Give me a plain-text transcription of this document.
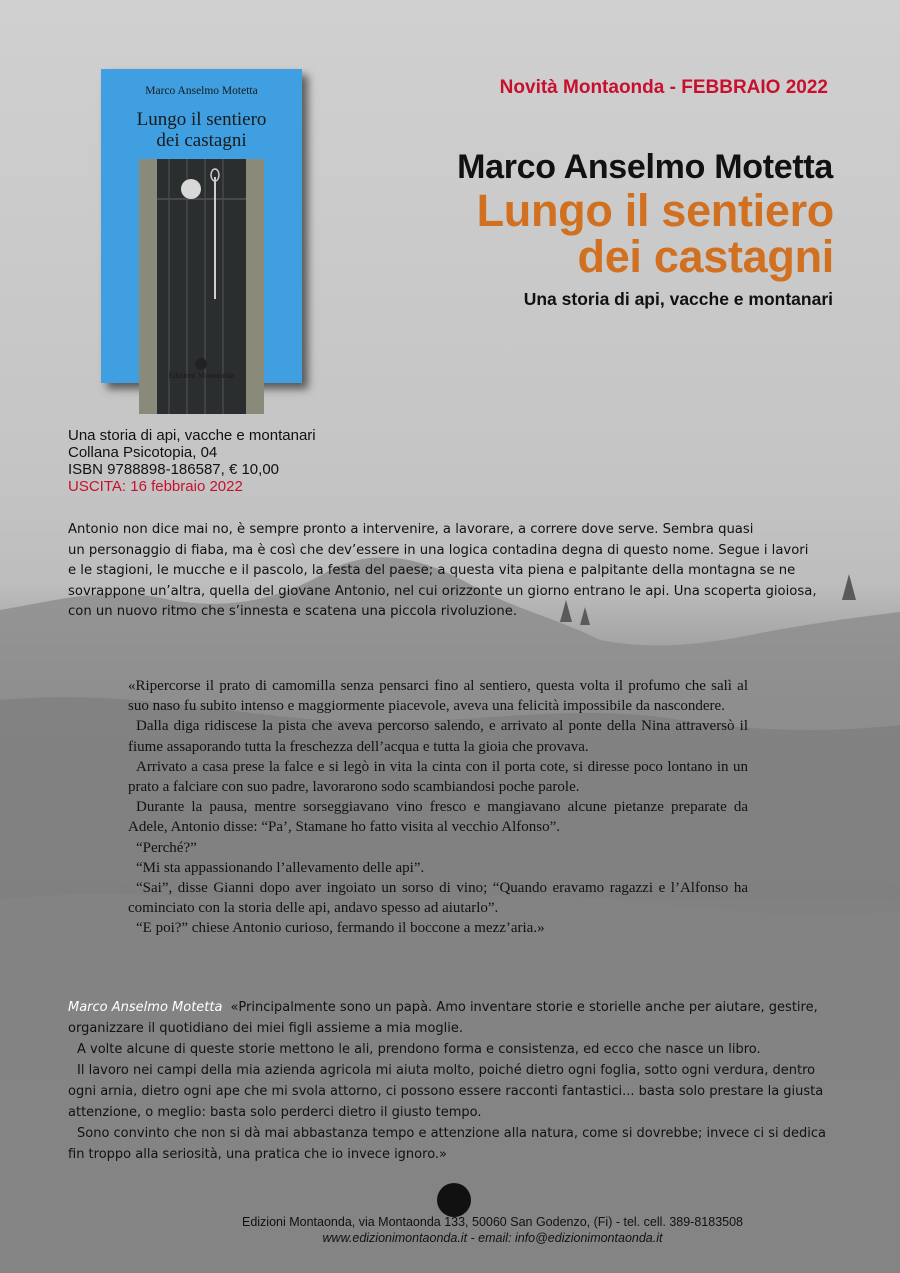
Marco Anselmo Motetta
Lungo il sentiero
dei castagni
Edizioni Montaonda
Novità Montaonda - FEBBRAIO 2022
Marco Anselmo Motetta
Lungo il sentiero
dei castagni
Una storia di api, vacche e montanari
Una storia di api, vacche e montanari
Collana Psicotopia, 04
ISBN 9788898-186587, € 10,00
USCITA: 16 febbraio 2022
Antonio non dice mai no, è sempre pronto a intervenire, a lavorare, a correre dove serve. Sembra quasi
un personaggio di fiaba, ma è così che dev’essere in una logica contadina degna di questo nome. Segue i lavori
e le stagioni, le mucche e il pascolo, la festa del paese; a questa vita piena e palpitante della montagna se ne
sovrappone un’altra, quella del giovane Antonio, nel cui orizzonte un giorno entrano le api. Una scoperta gioiosa,
con un nuovo ritmo che s’innesta e scatena una piccola rivoluzione.

«Ripercorse il prato di camomilla senza pensarci fino al sentiero, questa volta il profumo che salì al suo naso fu subito intenso e maggiormente piacevole, aveva una felicità impossibile da nascondere.

Dalla diga ridiscese la pista che aveva percorso salendo, e arrivato al ponte della Nina attraversò il fiume assaporando tutta la freschezza dell’acqua e tutta la gioia che provava.

Arrivato a casa prese la falce e si legò in vita la cinta con il porta cote, si diresse poco lontano in un prato a falciare con suo padre, lavorarono sodo scambiandosi poche parole.

Durante la pausa, mentre sorseggiavano vino fresco e mangiavano alcune pietanze preparate da Adele, Antonio disse: “Pa’, Stamane ho fatto visita al vecchio Alfonso”.

“Perché?”

“Mi sta appassionando l’allevamento delle api”.

“Sai”, disse Gianni dopo aver ingoiato un sorso di vino; “Quando eravamo ragazzi e l’Alfonso ha cominciato con la storia delle api, andavo spesso ad aiutarlo”.

“E poi?” chiese Antonio curioso, fermando il boccone a mezz’aria.»

Marco Anselmo Motetta «Principalmente sono un papà. Amo inventare storie e storielle anche per aiutare, gestire, organizzare il quotidiano dei miei figli assieme a mia moglie.

A volte alcune di queste storie mettono le ali, prendono forma e consistenza, ed ecco che nasce un libro.

Il lavoro nei campi della mia azienda agricola mi aiuta molto, poiché dietro ogni foglia, sotto ogni verdura, dentro ogni arnia, dietro ogni ape che mi svola attorno, ci possono essere racconti fantastici... basta solo prestare la giusta attenzione, o meglio: basta solo perderci dietro il giusto tempo.

Sono convinto che non si dà mai abbastanza tempo e attenzione alla natura, come si dovrebbe; invece ci si dedica fin troppo alla seriosità, una pratica che io invece ignoro.»

Edizioni Montaonda, via Montaonda 133, 50060 San Godenzo, (Fi) - tel. cell. 389-8183508
www.edizionimontaonda.it - email: info@edizionimontaonda.it
